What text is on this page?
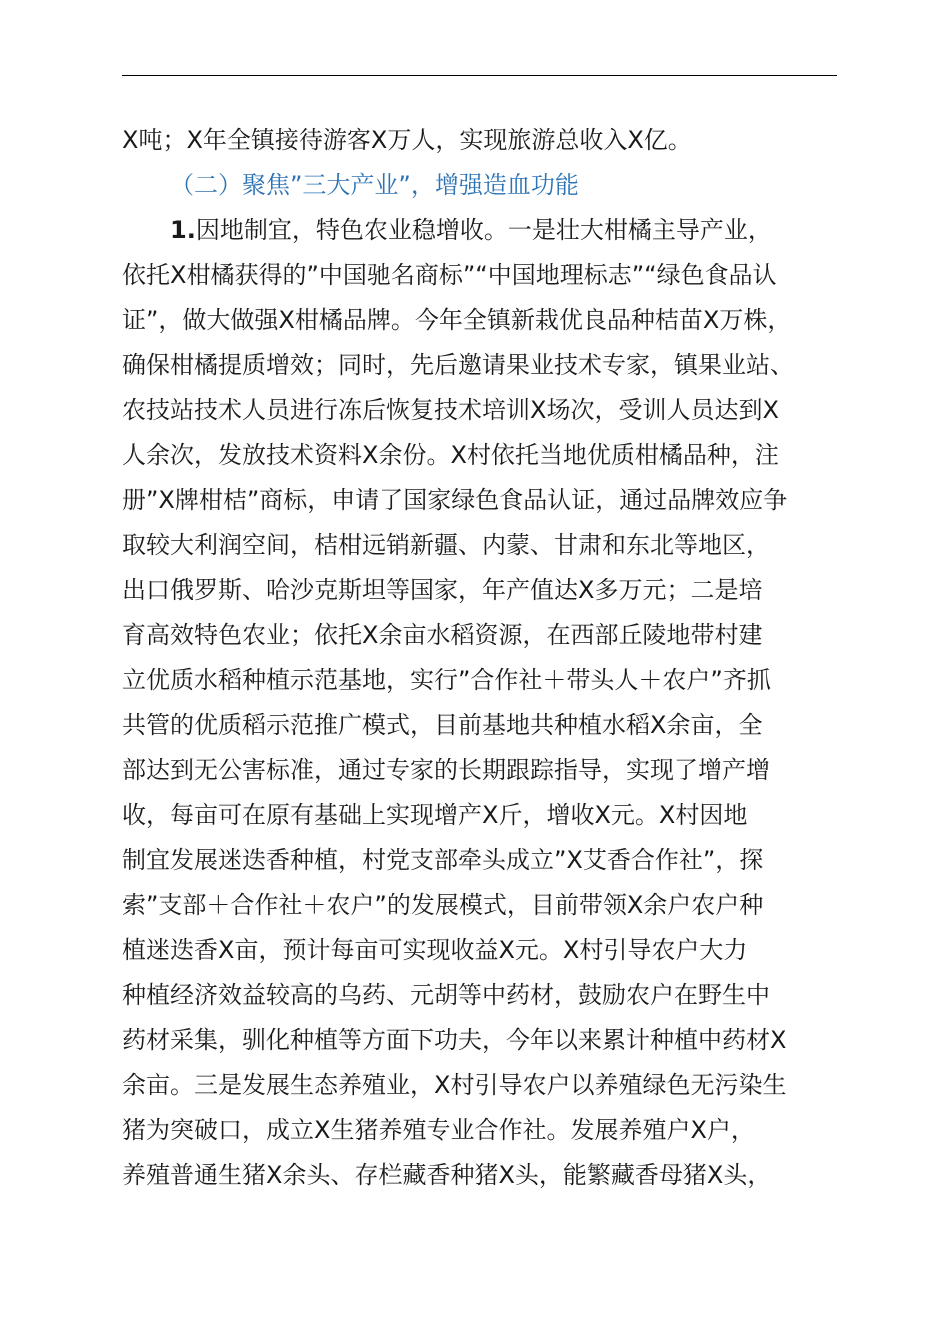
X吨；X年全镇接待游客X万人，实现旅游总收入X亿。
（二）聚焦”三大产业”，增强造血功能
1.因地制宜，特色农业稳增收。一是壮大柑橘主导产业，
依托X柑橘获得的”中国驰名商标”“中国地理标志”“绿色食品认
证”，做大做强X柑橘品牌。今年全镇新栽优良品种桔苗X万株，
确保柑橘提质增效；同时，先后邀请果业技术专家，镇果业站、
农技站技术人员进行冻后恢复技术培训X场次，受训人员达到X
人余次，发放技术资料X余份。X村依托当地优质柑橘品种，注
册”X牌柑桔”商标，申请了国家绿色食品认证，通过品牌效应争
取较大利润空间，桔柑远销新疆、内蒙、甘肃和东北等地区，
出口俄罗斯、哈沙克斯坦等国家，年产值达X多万元；二是培
育高效特色农业；依托X余亩水稻资源，在西部丘陵地带村建
立优质水稻种植示范基地，实行”合作社＋带头人＋农户”齐抓
共管的优质稻示范推广模式，目前基地共种植水稻X余亩，全
部达到无公害标准，通过专家的长期跟踪指导，实现了增产增
收，每亩可在原有基础上实现增产X斤，增收X元。X村因地
制宜发展迷迭香种植，村党支部牵头成立”X艾香合作社”，探
索”支部＋合作社＋农户”的发展模式，目前带领X余户农户种
植迷迭香X亩，预计每亩可实现收益X元。X村引导农户大力
种植经济效益较高的乌药、元胡等中药材，鼓励农户在野生中
药材采集，驯化种植等方面下功夫，今年以来累计种植中药材X
余亩。三是发展生态养殖业，X村引导农户以养殖绿色无污染生
猪为突破口，成立X生猪养殖专业合作社。发展养殖户X户，
养殖普通生猪X余头、存栏藏香种猪X头，能繁藏香母猪X头，
